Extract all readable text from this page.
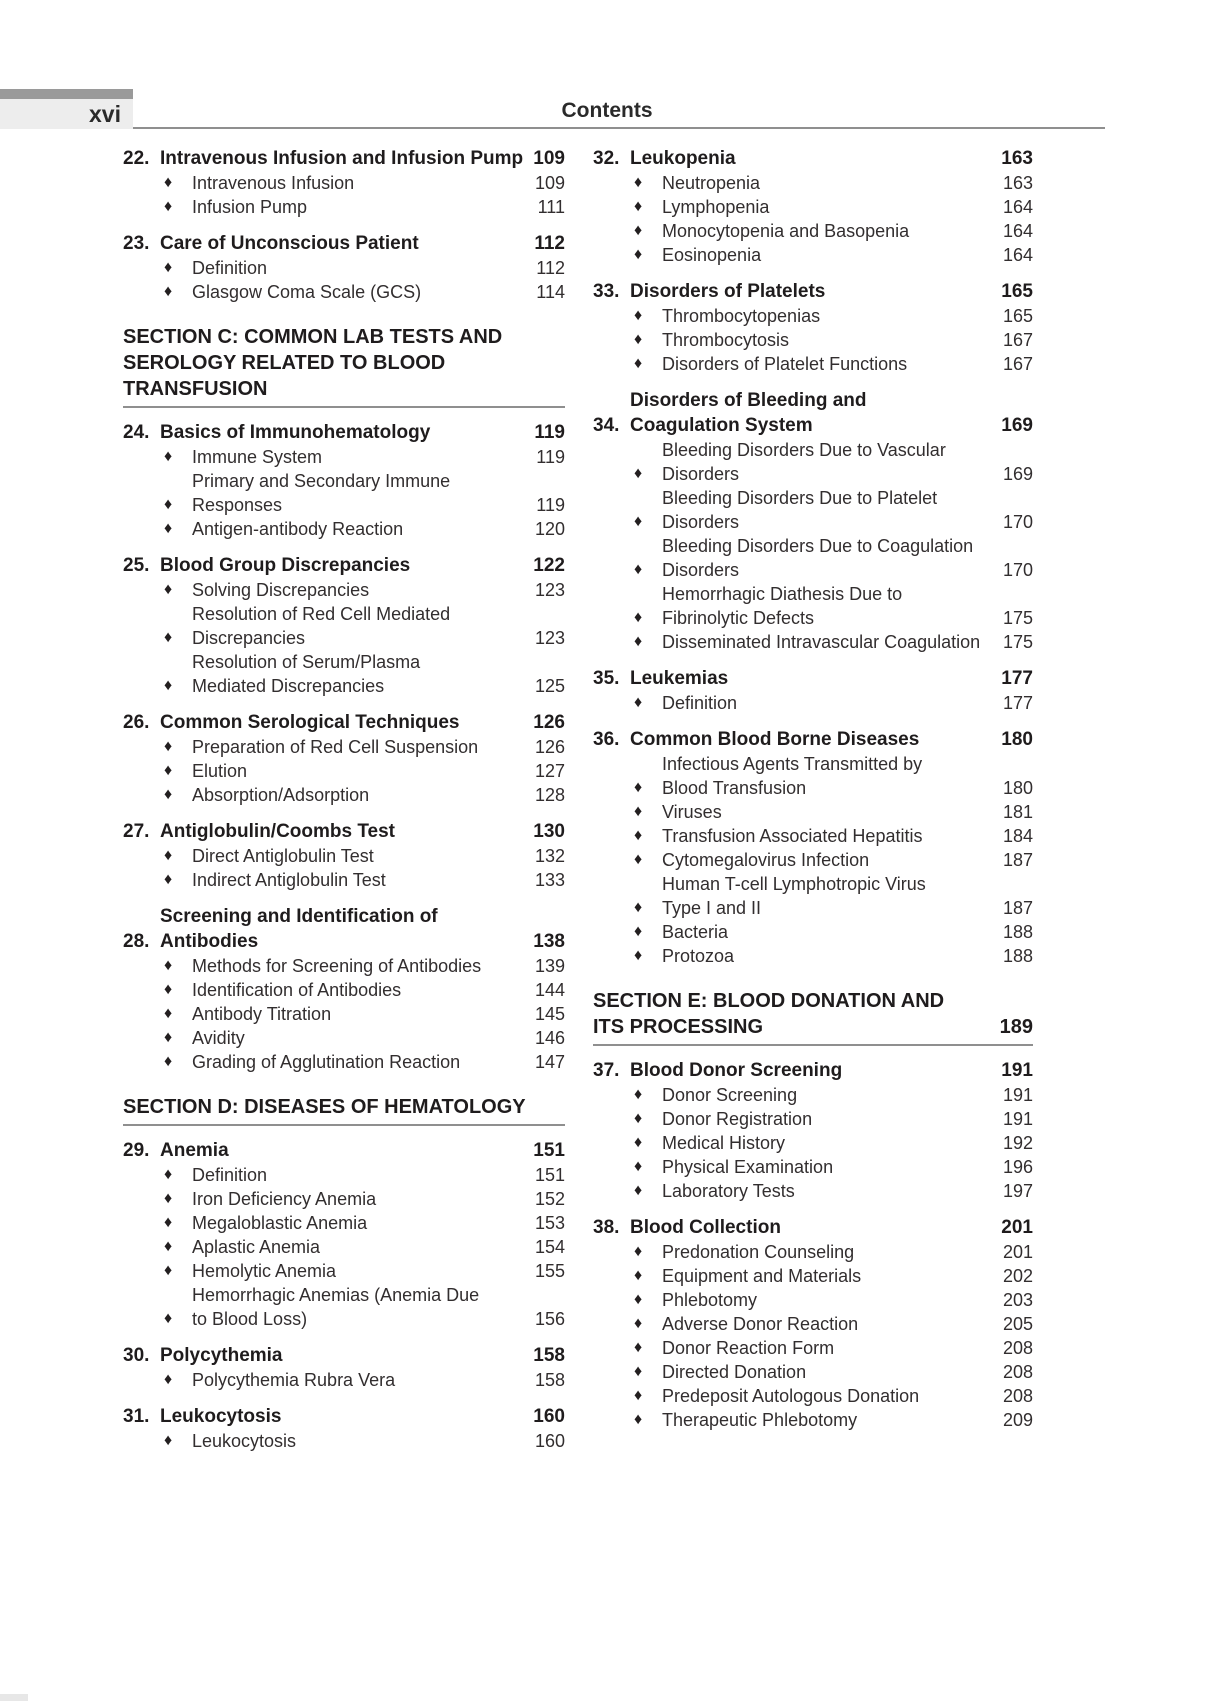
xvi	Contents
22. Intravenous Infusion and Infusion Pump 109
♦	Intravenous Infusion	109
♦	Infusion Pump	111
23. Care of Unconscious Patient	112
♦	Definition	112
♦	Glasgow Coma Scale (GCS)	114
SECTION C: COMMON LAB TESTS AND
SEROLOGY RELATED TO BLOOD
TRANSFUSION
24. Basics of Immunohematology	119
♦	Immune System	119
♦
Primary and Secondary Immune
Responses	119
♦	Antigen-antibody Reaction	120
25. Blood Group Discrepancies	122
♦	Solving Discrepancies	123
♦
Resolution of Red Cell Mediated
Discrepancies	123
♦
Resolution of Serum/Plasma
Mediated Discrepancies	125
26. Common Serological Techniques	126
♦	Preparation of Red Cell Suspension	126
♦	Elution	127
♦	Absorption/Adsorption	128
27. Antiglobulin/Coombs Test	130
♦	Direct Antiglobulin Test	132
♦	Indirect Antiglobulin Test	133
28.
Screening and Identification of
Antibodies	138
♦	Methods for Screening of Antibodies	139
♦	Identification of Antibodies	144
♦	Antibody Titration	145
♦	Avidity	146
♦	Grading of Agglutination Reaction	147
SECTION D: DISEASES OF HEMATOLOGY
29. Anemia	151
♦	Definition	151
♦	Iron Deficiency Anemia	152
♦	Megaloblastic Anemia	153
♦	Aplastic Anemia	154
♦	Hemolytic Anemia	155
♦
Hemorrhagic Anemias (Anemia Due
to Blood Loss)	156
30. Polycythemia	158
♦	Polycythemia Rubra Vera	158
31. Leukocytosis	160
♦	Leukocytosis	160
32. Leukopenia	163
♦	Neutropenia	163
♦	Lymphopenia	164
♦	Monocytopenia and Basopenia	164
♦	Eosinopenia	164
33. Disorders of Platelets	165
♦	Thrombocytopenias	165
♦	Thrombocytosis	167
♦	Disorders of Platelet Functions	167
34.
Disorders of Bleeding and
Coagulation System	169
♦
Bleeding Disorders Due to Vascular
Disorders	169
♦
Bleeding Disorders Due to Platelet
Disorders	170
♦
Bleeding Disorders Due to Coagulation
Disorders	170
♦
Hemorrhagic Diathesis Due to
Fibrinolytic Defects	175
♦	Disseminated Intravascular Coagulation	175
35. Leukemias	177
♦	Definition	177
36. Common Blood Borne Diseases	180
♦
Infectious Agents Transmitted by
Blood Transfusion	180
♦	Viruses	181
♦	Transfusion Associated Hepatitis	184
♦	Cytomegalovirus Infection	187
♦
Human T-cell Lymphotropic Virus
Type I and II	187
♦	Bacteria	188
♦	Protozoa	188
SECTION E: BLOOD DONATION AND
ITS PROCESSING	189
37. Blood Donor Screening	191
♦	Donor Screening	191
♦	Donor Registration	191
♦	Medical History	192
♦	Physical Examination	196
♦	Laboratory Tests	197
38. Blood Collection	201
♦	Predonation Counseling	201
♦	Equipment and Materials	202
♦	Phlebotomy	203
♦	Adverse Donor Reaction	205
♦	Donor Reaction Form	208
♦	Directed Donation	208
♦	Predeposit Autologous Donation	208
♦	Therapeutic Phlebotomy	209
